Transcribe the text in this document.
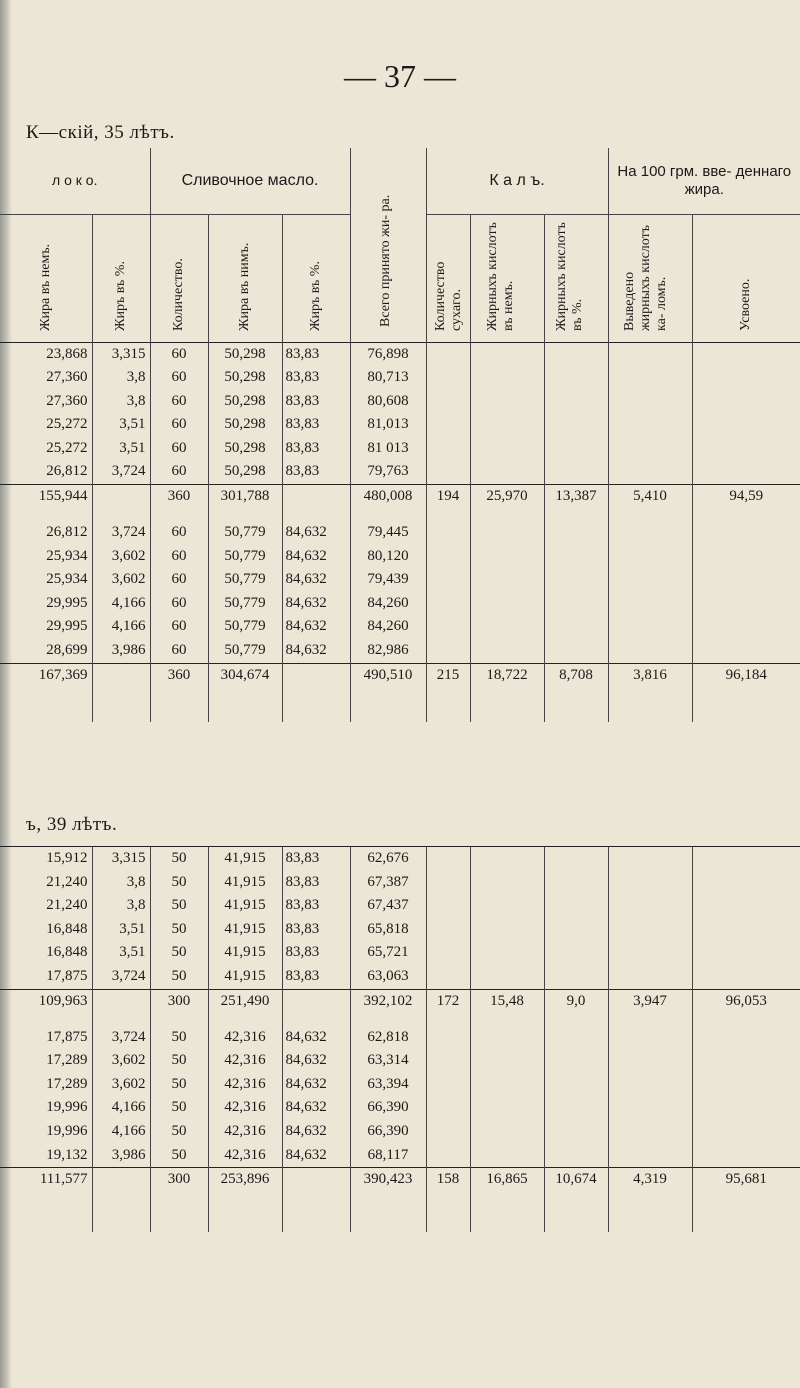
— 37 —
К—скій, 35 лѣтъ.
л о к о.		Сливочное масло.			Всего принято жи- ра.	К а л ъ.			На 100 грм. вве- деннаго жира.	
Жира въ немъ.	Жиръ въ %.	Количество.	Жира въ нимъ.	Жиръ въ %.		Количество сухаго.	Жирныхъ кислотъ въ немъ.	Жирныхъ кислотъ въ %.	Выведено жирныхъ кислотъ ка- ломъ.	Усвоено.

23,868	3,315	60	50,298	83,83	76,898					
27,360	3,8	60	50,298	83,83	80,713					
27,360	3,8	60	50,298	83,83	80,608					
25,272	3,51	60	50,298	83,83	81,013					
25,272	3,51	60	50,298	83,83	81 013					
26,812	3,724	60	50,298	83,83	79,763					

155,944		360	301,788		480,008	194	25,970	13,387	5,410	94,59
26,812	3,724	60	50,779	84,632	79,445					
25,934	3,602	60	50,779	84,632	80,120					
25,934	3,602	60	50,779	84,632	79,439					
29,995	4,166	60	50,779	84,632	84,260					
29,995	4,166	60	50,779	84,632	84,260					
28,699	3,986	60	50,779	84,632	82,986					

167,369		360	304,674		490,510	215	18,722	8,708	3,816	96,184
ъ, 39 лѣтъ.

15,912	3,315	50	41,915	83,83	62,676					
21,240	3,8	50	41,915	83,83	67,387					
21,240	3,8	50	41,915	83,83	67,437					
16,848	3,51	50	41,915	83,83	65,818					
16,848	3,51	50	41,915	83,83	65,721					
17,875	3,724	50	41,915	83,83	63,063					

109,963		300	251,490		392,102	172	15,48	9,0	3,947	96,053
17,875	3,724	50	42,316	84,632	62,818					
17,289	3,602	50	42,316	84,632	63,314					
17,289	3,602	50	42,316	84,632	63,394					
19,996	4,166	50	42,316	84,632	66,390					
19,996	4,166	50	42,316	84,632	66,390					
19,132	3,986	50	42,316	84,632	68,117					

111,577		300	253,896		390,423	158	16,865	10,674	4,319	95,681
